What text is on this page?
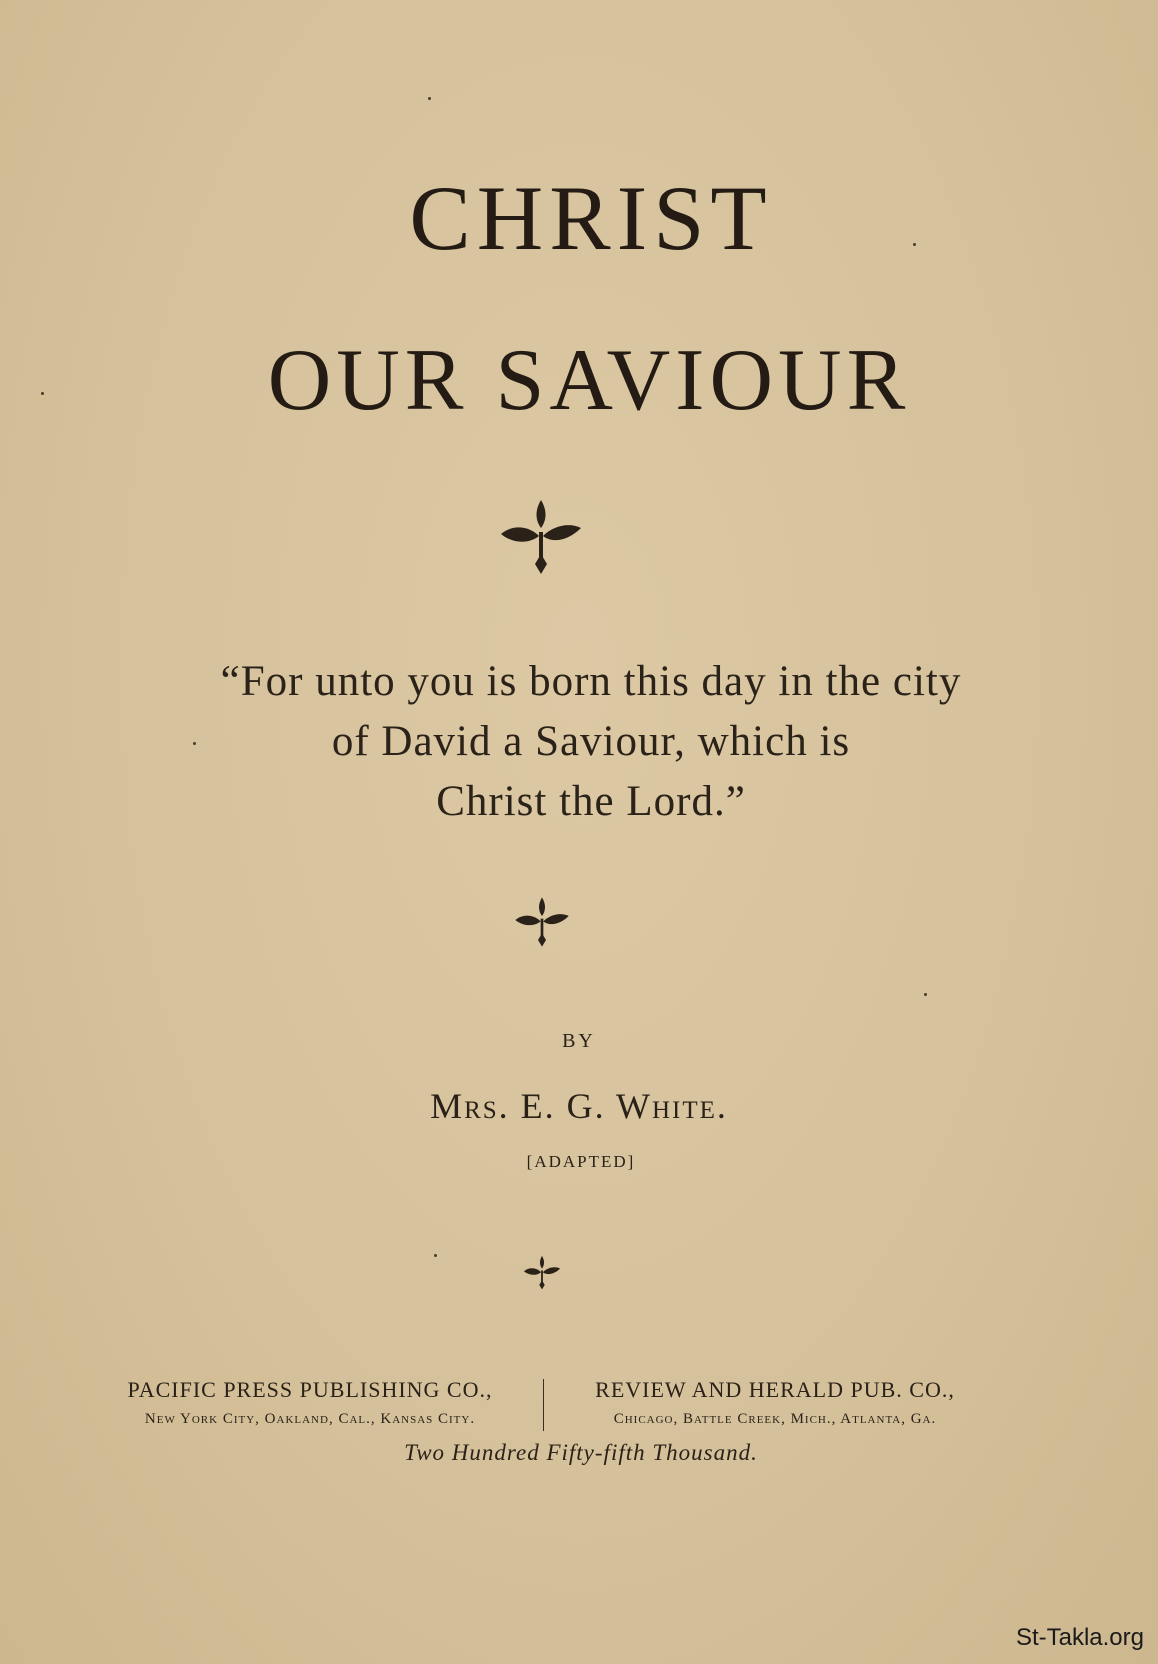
CHRIST
OUR SAVIOUR
“For unto you is born this day in the city
of David a Saviour, which is
Christ the Lord.”
BY
Mrs. E. G. White.
[ADAPTED]
PACIFIC PRESS PUBLISHING CO.,
New York City, Oakland, Cal., Kansas City.
REVIEW AND HERALD PUB. CO.,
Chicago, Battle Creek, Mich., Atlanta, Ga.
Two Hundred Fifty-fifth Thousand.
St-Takla.org
